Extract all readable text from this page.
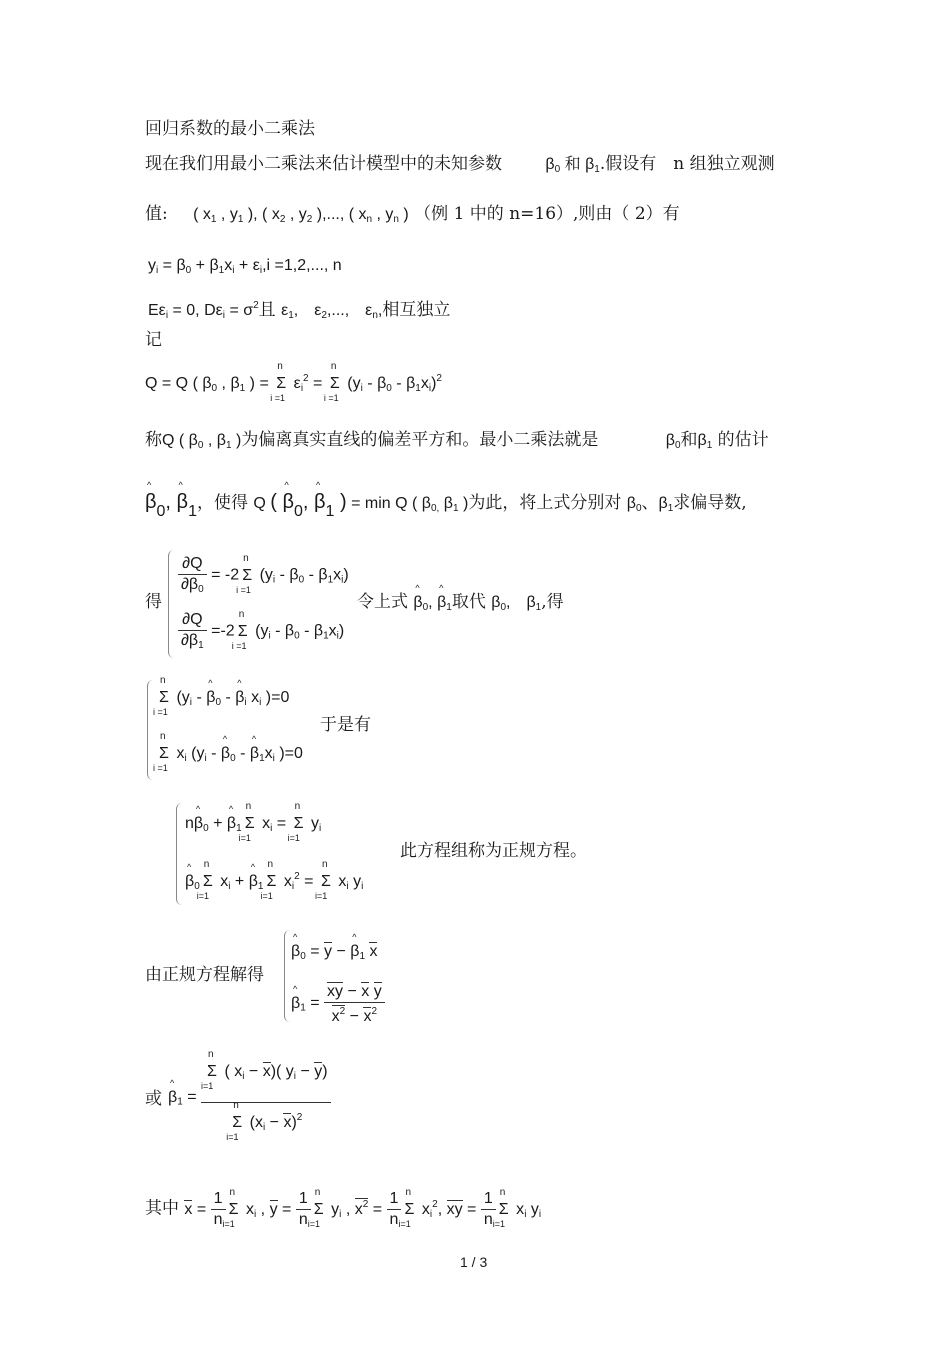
回归系数的最小二乘法
现在我们用最小二乘法来估计模型中的未知参数	β0 和 β1.假设有　n 组独立观测
值: ( x1 , y1 ), ( x2 , y2 ),..., ( xn , yn ) （例 1 中的 n=16）,则由（ 2）有
yi = β0 + β1xi + εi,i =1,2,..., n
Eεi = 0, $D\varepsilon i = \sigma^2$且 ε1,　ε2,...,　εn,相互独立
记
Q = Q ( β0 , β1 ) =
n
Σ
i =1
$\varepsilon i^2$ =
n
Σ
i =1
(yi - β0 - β1xi)$^2$
称Q ( β0 , β1 )为偏离真实直线的偏差平方和。最小二乘法就是	β0和β1 的估计
^ $\beta_0$, ^ $\beta_1$，使得 Q ( ^ $\beta_0$, ^ $\beta_1$ ) = min Q ( β0, β1 )为此，将上式分别对 β0、β1求偏导数,
得
$\frac{\partial Q}{\partial\beta 0} = -2$
n
Σ
i =1
(yi - β0 - β1xi)
$\frac{\partial Q}{\partial\beta 1} =-2$
n
Σ
i =1
(yi - β0 - β1xi)
令上式 ^ β0, ^ β1取代 β0,　β1,得
n
Σ
i =1
(yi - ^ β0 - ^ βi xi )=0
n
Σ
i =1
xi (yi - ^ β0 - ^ β1xi )=0
于是有
n^ β0 + ^ β1
n
Σ
i=1
xi =
n
Σ
i=1
yi
^ β0
n
Σ
i=1
xi + ^ β1
n
Σ
i=1
$xi^2$ =
n
Σ
i=1
xi yi
此方程组称为正规方程。
由正规方程解得
^ β0 = y − ^ β1 x
^ $\beta 1 = \frac{\text{xy − x y}}{x^2 - x^2}$
或 ^ β1 = n
Σ
i=1
( xi − x)( yi − y)
n
Σ
i=1
(xi − x)$^2$
其中 $x = \frac{1}{n}$ n
Σ
i=1
xi , $y = \frac{1}{n}$ n
Σ
i=1
yi , $x^2 = \frac{1}{n}$ n
Σ
i=1
$xi^2$, xy = $\frac{1}{n}$ n
Σ
i=1
xi yi
1 / 3
